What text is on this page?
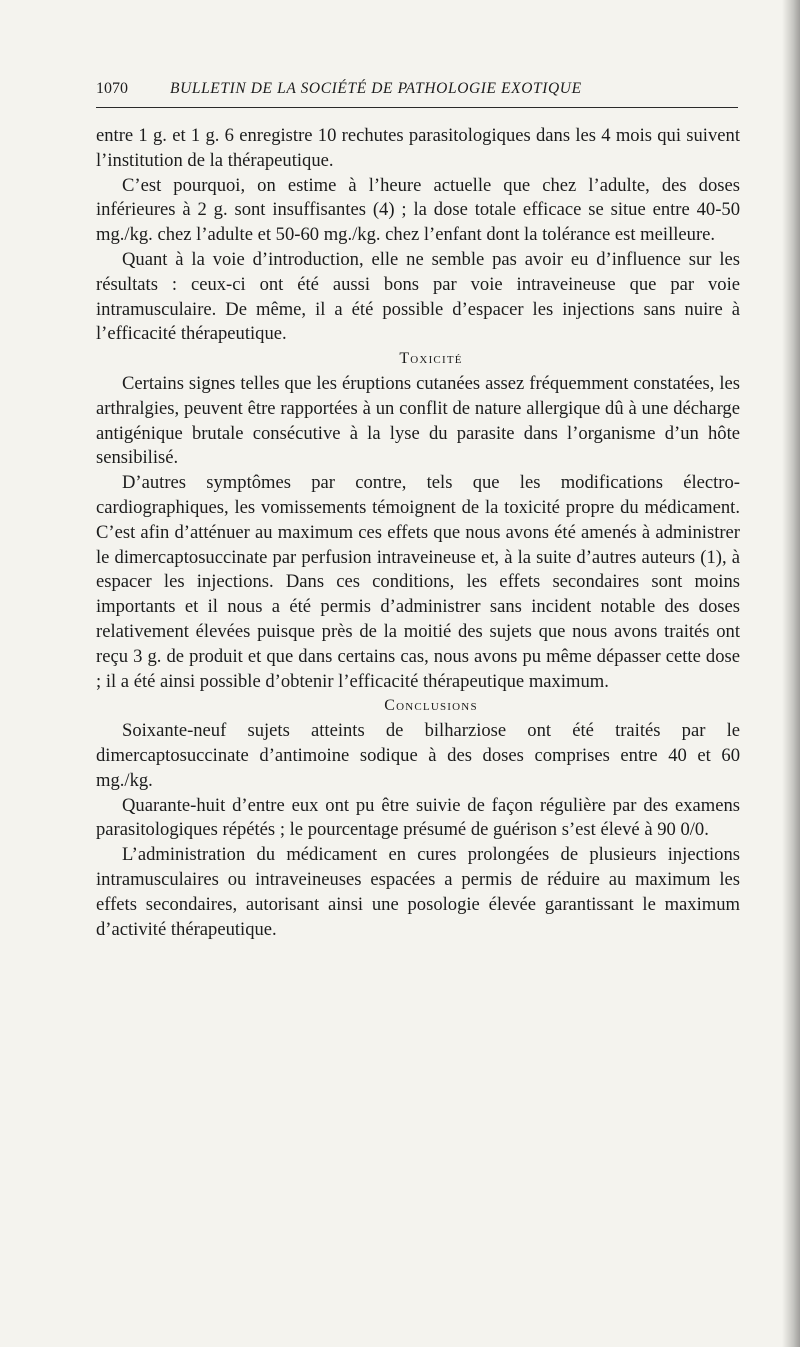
1070	BULLETIN DE LA SOCIÉTÉ DE PATHOLOGIE EXOTIQUE

entre 1 g. et 1 g. 6 enregistre 10 rechutes parasitologiques dans les 4 mois qui suivent l’institution de la thérapeutique.

C’est pourquoi, on estime à l’heure actuelle que chez l’adulte, des doses inférieures à 2 g. sont insuffisantes (4) ; la dose totale efficace se situe entre 40-50 mg./kg. chez l’adulte et 50-60 mg./kg. chez l’enfant dont la tolérance est meilleure.

Quant à la voie d’introduction, elle ne semble pas avoir eu d’influence sur les résultats : ceux-ci ont été aussi bons par voie intraveineuse que par voie intramusculaire. De même, il a été possible d’espacer les injections sans nuire à l’efficacité thérapeutique.

Toxicité

Certains signes telles que les éruptions cutanées assez fréquemment constatées, les arthralgies, peuvent être rapportées à un conflit de nature allergique dû à une décharge antigénique brutale consécutive à la lyse du parasite dans l’organisme d’un hôte sensibilisé.

D’autres symptômes par contre, tels que les modifications électro-cardiographiques, les vomissements témoignent de la toxicité propre du médicament. C’est afin d’atténuer au maximum ces effets que nous avons été amenés à administrer le dimercaptosuccinate par perfusion intraveineuse et, à la suite d’autres auteurs (1), à espacer les injections. Dans ces conditions, les effets secondaires sont moins importants et il nous a été permis d’administrer sans incident notable des doses relativement élevées puisque près de la moitié des sujets que nous avons traités ont reçu 3 g. de produit et que dans certains cas, nous avons pu même dépasser cette dose ; il a été ainsi possible d’obtenir l’efficacité thérapeutique maximum.

Conclusions

Soixante-neuf sujets atteints de bilharziose ont été traités par le dimercaptosuccinate d’antimoine sodique à des doses comprises entre 40 et 60 mg./kg.

Quarante-huit d’entre eux ont pu être suivie de façon régulière par des examens parasitologiques répétés ; le pourcentage présumé de guérison s’est élevé à 90 0/0.

L’administration du médicament en cures prolongées de plusieurs injections intramusculaires ou intraveineuses espacées a permis de réduire au maximum les effets secondaires, autorisant ainsi une posologie élevée garantissant le maximum d’activité thérapeutique.
